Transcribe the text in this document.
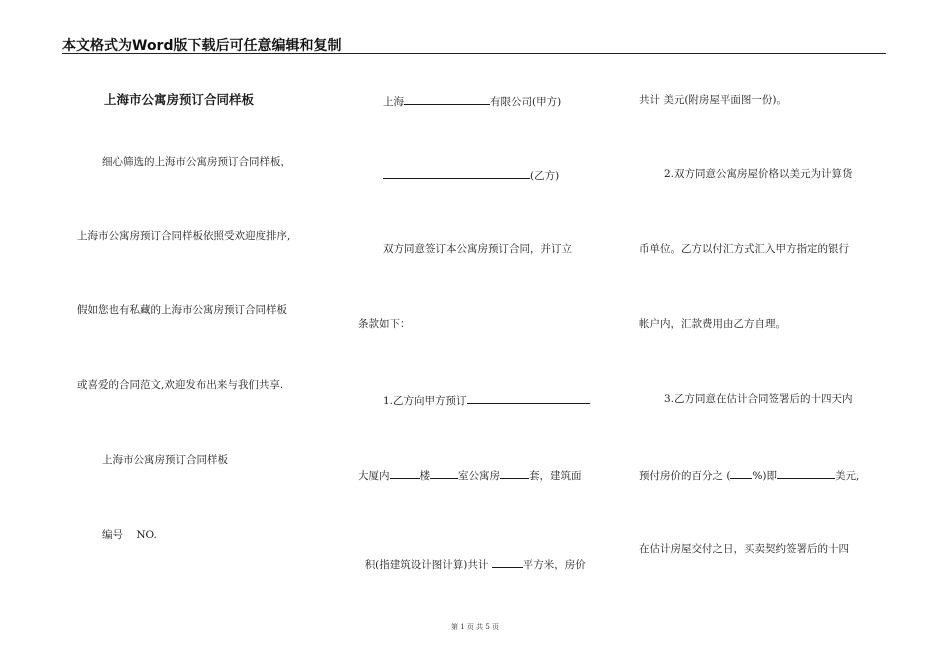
本文格式为Word版下载后可任意编辑和复制
上海市公寓房预订合同样板
细心筛选的上海市公寓房预订合同样板，
上海市公寓房预订合同样板依照受欢迎度排序,
假如您也有私藏的上海市公寓房预订合同样板
或喜爱的合同范文,欢迎发布出来与我们共享.
上海市公寓房预订合同样板
编号    NO.
上海	有限公司(甲方)
(乙方)
双方同意签订本公寓房预订合同，并订立
条款如下：
1.乙方向甲方预订
大厦内	楼	室公寓房	套，建筑面

积(指建筑设计图计算)共计	平方米，房价

共计 美元(附房屋平面图一份)。
2.双方同意公寓房屋价格以美元为计算货
币单位。乙方以付汇方式汇入甲方指定的银行
帐户内，汇款费用由乙方自理。
3.乙方同意在估计合同签署后的十四天内
预付房价的百分之 ( %)即	美元,
在估计房屋交付之日，买卖契约签署后的十四
第 1 页 共 5 页
